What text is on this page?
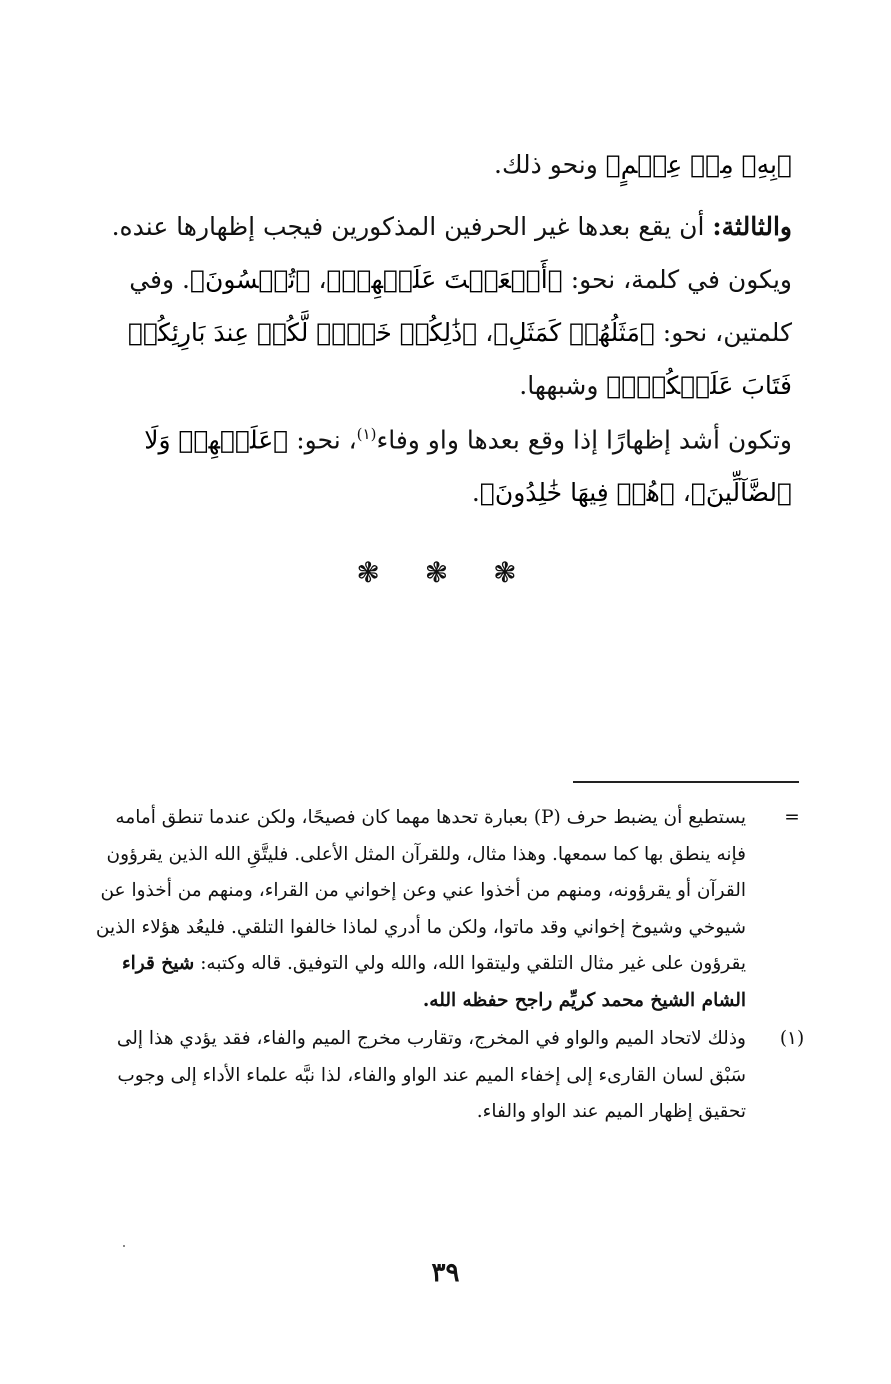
﴿بِهِۦ مِنۡ عِلۡمٍ﴾ ونحو ذلك.

والثالثة: أن يقع بعدها غير الحرفين المذكورين فيجب إظهارها عنده. ويكون في كلمة، نحو: ﴿أَنۡعَمۡتَ عَلَيۡهِمۡ﴾، ﴿تُمۡسُونَ﴾. وفي كلمتين، نحو: ﴿مَثَلُهُمۡ كَمَثَلِ﴾، ﴿ذَٰلِكُمۡ خَيۡرٞ لَّكُمۡ عِندَ بَارِئِكُمۡ فَتَابَ عَلَيۡكُمۡۚ﴾ وشبهها.

وتكون أشد إظهارًا إذا وقع بعدها واو وفاء$^{(١)}$، نحو: ﴿عَلَيۡهِمۡ وَلَا ٱلضَّآلِّينَ﴾، ﴿هُمۡ فِيهَا خَٰلِدُونَ﴾.

❃ ❃ ❃

=
يستطيع أن يضبط حرف (P) بعبارة تحدها مهما كان فصيحًا، ولكن عندما تنطق أمامه فإنه ينطق بها كما سمعها. وهذا مثال، وللقرآن المثل الأعلى. فليتَّقِ الله الذين يقرؤون القرآن أو يقرؤونه، ومنهم من أخذوا عني وعن إخواني من القراء، ومنهم من أخذوا عن شيوخي وشيوخ إخواني وقد ماتوا، ولكن ما أدري لماذا خالفوا التلقي. فليعُد هؤلاء الذين يقرؤون على غير مثال التلقي وليتقوا الله، والله ولي التوفيق. قاله وكتبه: شيخ قراء الشام الشيخ محمد كريِّم راجح حفظه الله.

(١)
وذلك لاتحاد الميم والواو في المخرج، وتقارب مخرج الميم والفاء، فقد يؤدي هذا إلى سَبْق لسان القارىء إلى إخفاء الميم عند الواو والفاء، لذا نبَّه علماء الأداء إلى وجوب تحقيق إظهار الميم عند الواو والفاء.

٣٩
